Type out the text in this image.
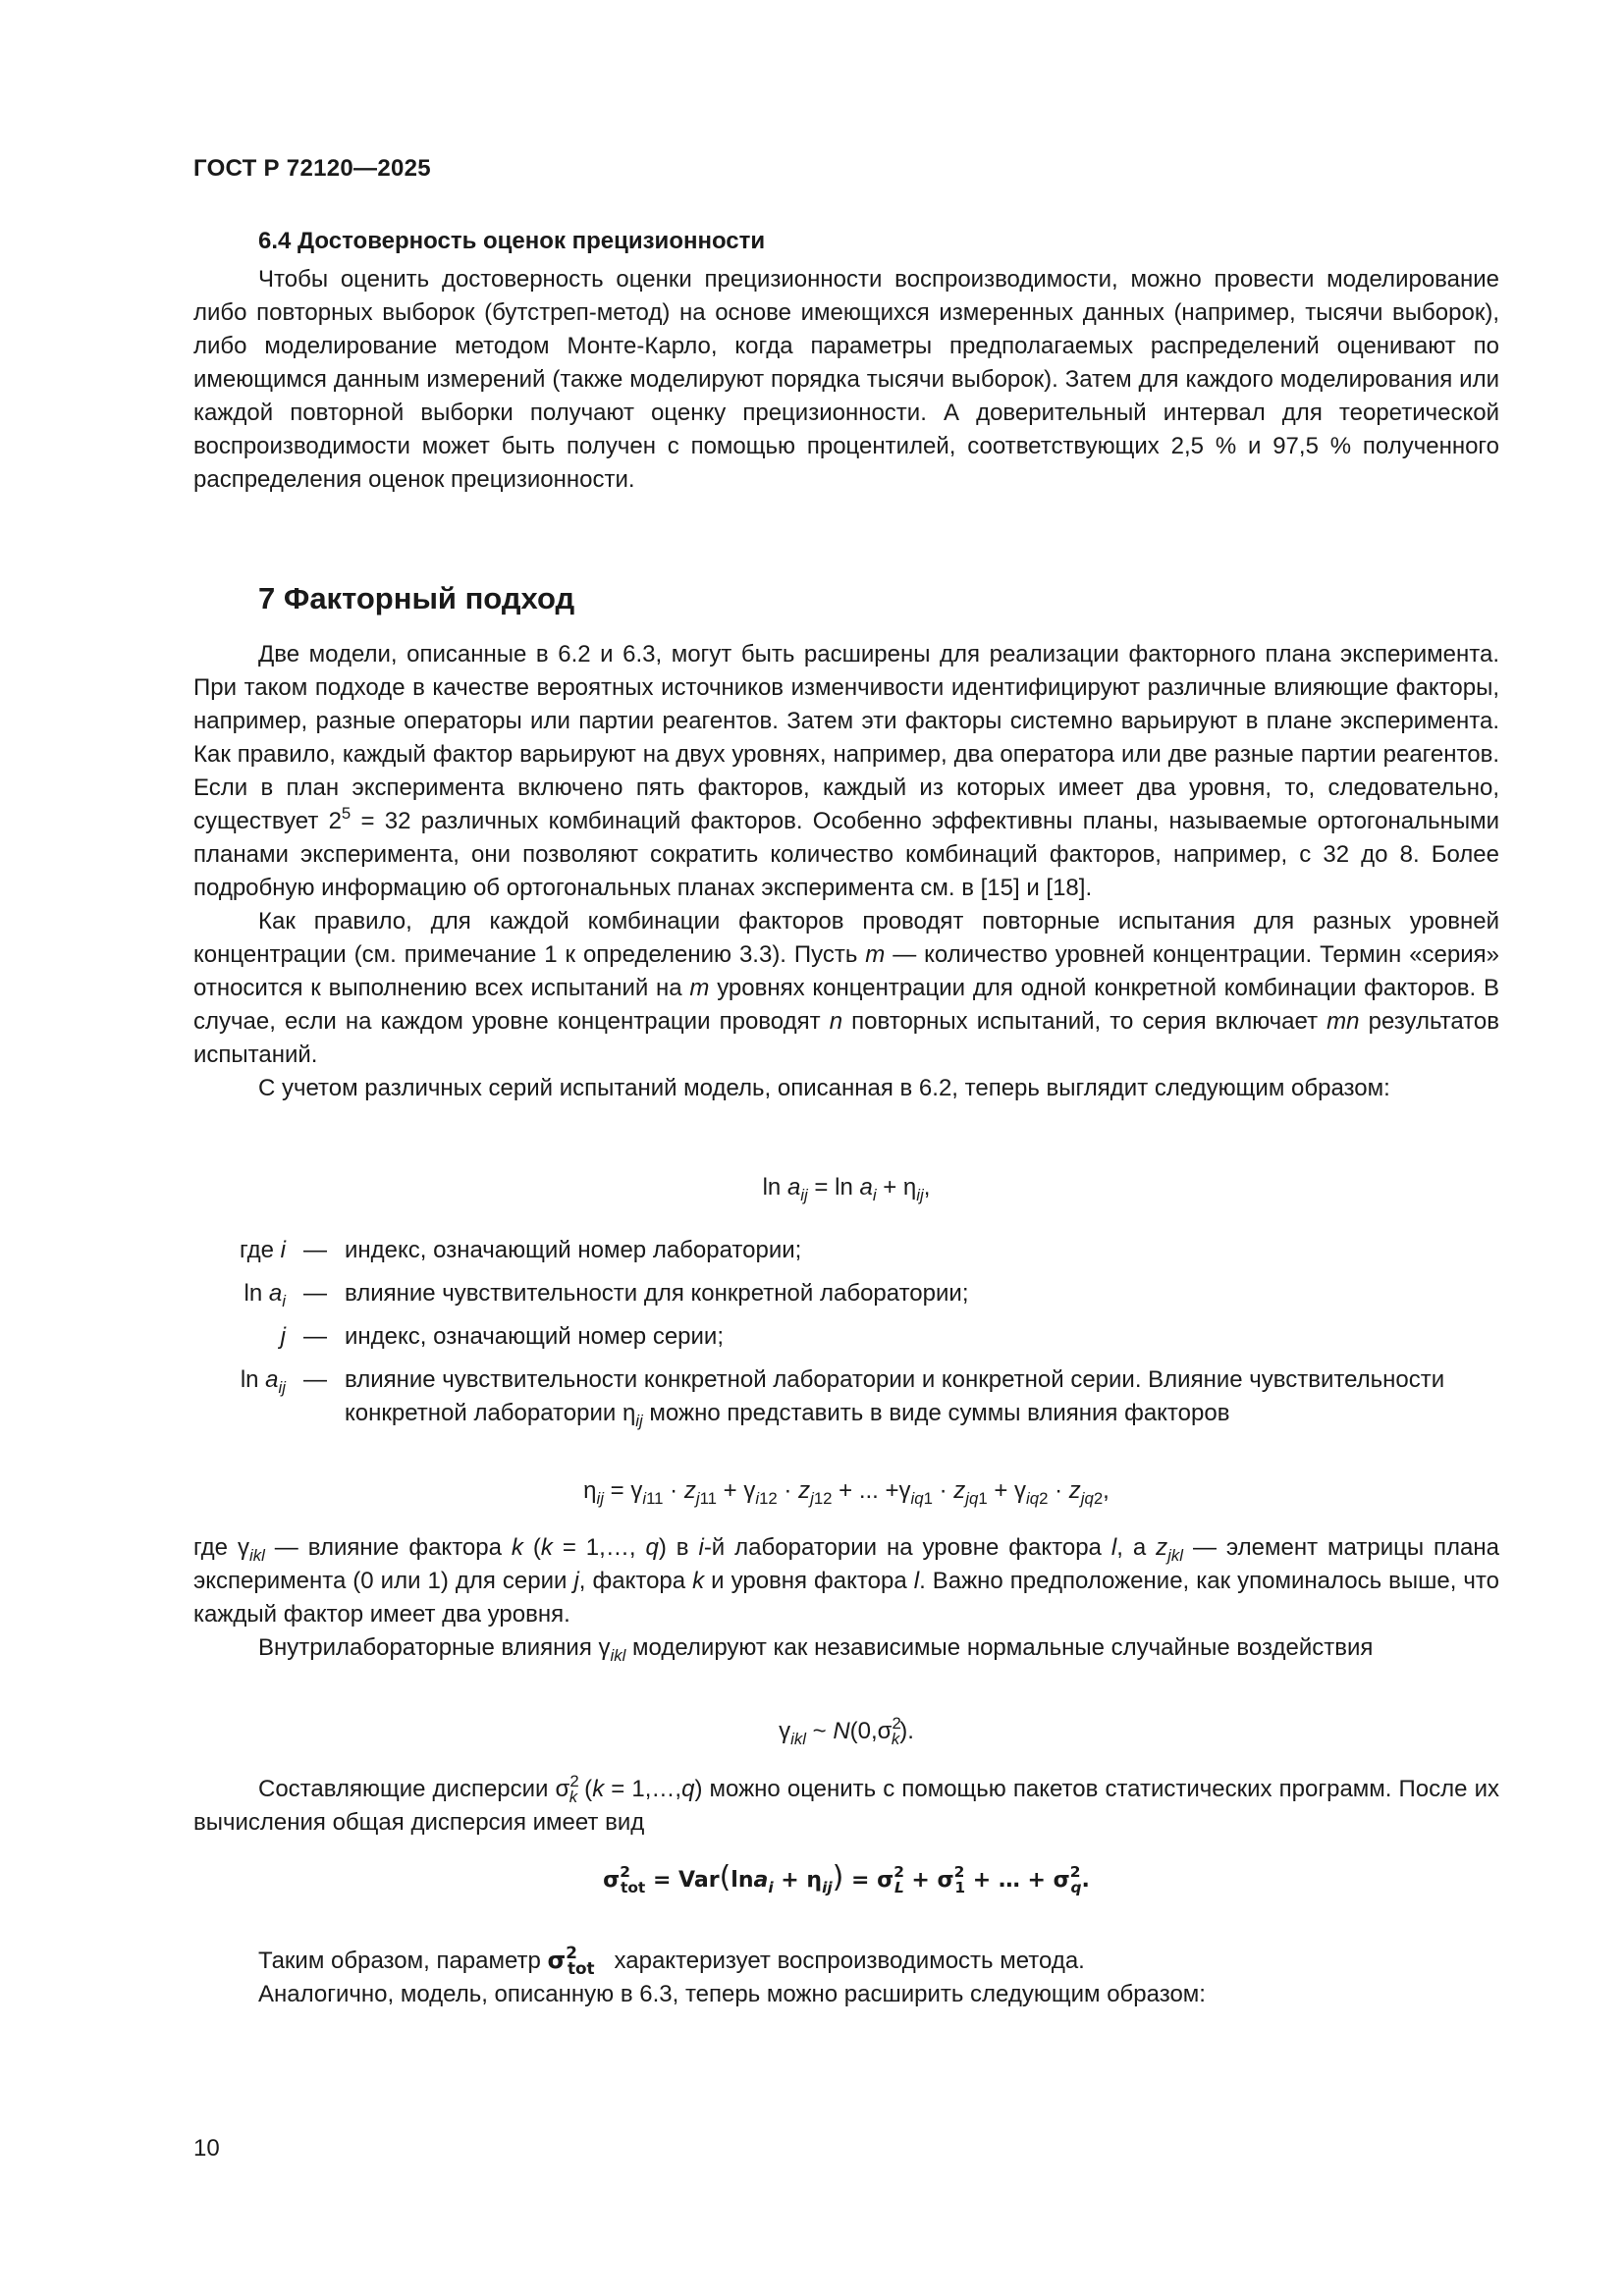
ГОСТ Р 72120—2025
6.4 Достоверность оценок прецизионности

Чтобы оценить достоверность оценки прецизионности воспроизводимости, можно провести моделирование либо повторных выборок (бутстреп-метод) на основе имеющихся измеренных данных (например, тысячи выборок), либо моделирование методом Монте-Карло, когда параметры предполагаемых распределений оценивают по имеющимся данным измерений (также моделируют порядка тысячи выборок). Затем для каждого моделирования или каждой повторной выборки получают оценку прецизионности. А доверительный интервал для теоретической воспроизводимости может быть получен с помощью процентилей, соответствующих 2,5 % и 97,5 % полученного распределения оценок прецизионности.

7 Факторный подход

Две модели, описанные в 6.2 и 6.3, могут быть расширены для реализации факторного плана эксперимента. При таком подходе в качестве вероятных источников изменчивости идентифицируют различные влияющие факторы, например, разные операторы или партии реагентов. Затем эти факторы системно варьируют в плане эксперимента. Как правило, каждый фактор варьируют на двух уровнях, например, два оператора или две разные партии реагентов. Если в план эксперимента включено пять факторов, каждый из которых имеет два уровня, то, следовательно, существует $2^5 = 32$ различных комбинаций факторов. Особенно эффективны планы, называемые ортогональными планами эксперимента, они позволяют сократить количество комбинаций факторов, например, с 32 до 8. Более подробную информацию об ортогональных планах эксперимента см. в [15] и [18].

Как правило, для каждой комбинации факторов проводят повторные испытания для разных уровней концентрации (см. примечание 1 к определению 3.3). Пусть m — количество уровней концентрации. Термин «серия» относится к выполнению всех испытаний на m уровнях концентрации для одной конкретной комбинации факторов. В случае, если на каждом уровне концентрации проводят n повторных испытаний, то серия включает mn результатов испытаний.

С учетом различных серий испытаний модель, описанная в 6.2, теперь выглядит следующим образом:

$\ln a_{ij} = \ln a_i + \eta_{ij}$,
где i — индекс, означающий номер лаборатории;
$\ln a_i$ — влияние чувствительности для конкретной лаборатории;
j — индекс, означающий номер серии;
$\ln a_{ij}$ — влияние чувствительности конкретной лаборатории и конкретной серии. Влияние чувствительности конкретной лаборатории $\eta_{ij}$ можно представить в виде суммы влияния факторов
$\eta_{ij} = \gamma_{i11} \cdot z_{j11} + \gamma_{i12} \cdot z_{j12}$ + ... $+\gamma_{iq1} \cdot z_{jq1} + \gamma_{iq2} \cdot z_{jq2}$,

где $\gamma_{ikl}$ — влияние фактора k (k = 1,…, q) в i-й лаборатории на уровне фактора l, а $z_{jkl}$ — элемент матрицы плана эксперимента (0 или 1) для серии j, фактора k и уровня фактора l. Важно предположение, как упоминалось выше, что каждый фактор имеет два уровня.

Внутрилабораторные влияния $\gamma_{ikl}$ моделируют как независимые нормальные случайные воздействия

$\gamma_{ikl}$ ~ $N(0,\sigma^2_k)$.

Составляющие дисперсии $\sigma^2_k$ (k = 1,…,q) можно оценить с помощью пакетов статистических программ. После их вычисления общая дисперсия имеет вид

$\sigma^2_{tot} = Var(\ln a_i + \eta_{ij}) = \sigma^2_L + \sigma^2_1$ + … + $\sigma^2_q$.

Таким образом, параметр $\sigma^2_{tot}$   характеризует воспроизводимость метода.

Аналогично, модель, описанную в 6.3, теперь можно расширить следующим образом:

10
